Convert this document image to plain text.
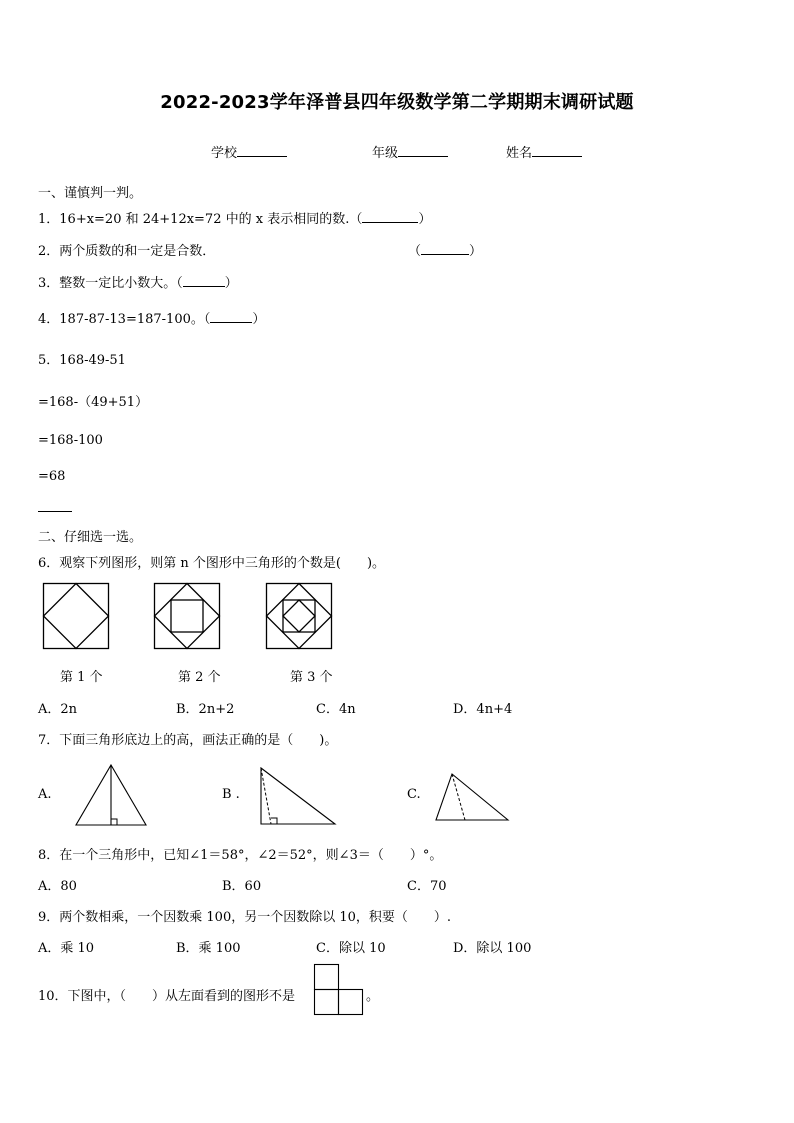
2022-2023学年泽普县四年级数学第二学期期末调研试题
学校	年级	姓名
一、谨慎判一判。
1．16+x=20 和 24+12x=72 中的 x 表示相同的数.（	）
2．两个质数的和一定是合数．	（	）
3．整数一定比小数大。（	）
4．187-87-13=187-100。（	）
5．168-49-51
=168-（49+51）
=168-100
=68
二、仔细选一选。
6．观察下列图形，则第 n 个图形中三角形的个数是(　　)。
第 1 个	第 2 个	第 3 个
A．2n	B．2n+2	C．4n	D．4n+4
7．下面三角形底边上的高，画法正确的是（　　)。
A.	B .	C.
8．在一个三角形中，已知∠1＝58°，∠2＝52°，则∠3＝（　　）°。
A．80	B．60	C．70
9．两个数相乘，一个因数乘 100，另一个因数除以 10，积要（　　）.
A．乘 10	B．乘 100	C．除以 10	D．除以 100
10．下图中，（　　）从左面看到的图形不是	。
